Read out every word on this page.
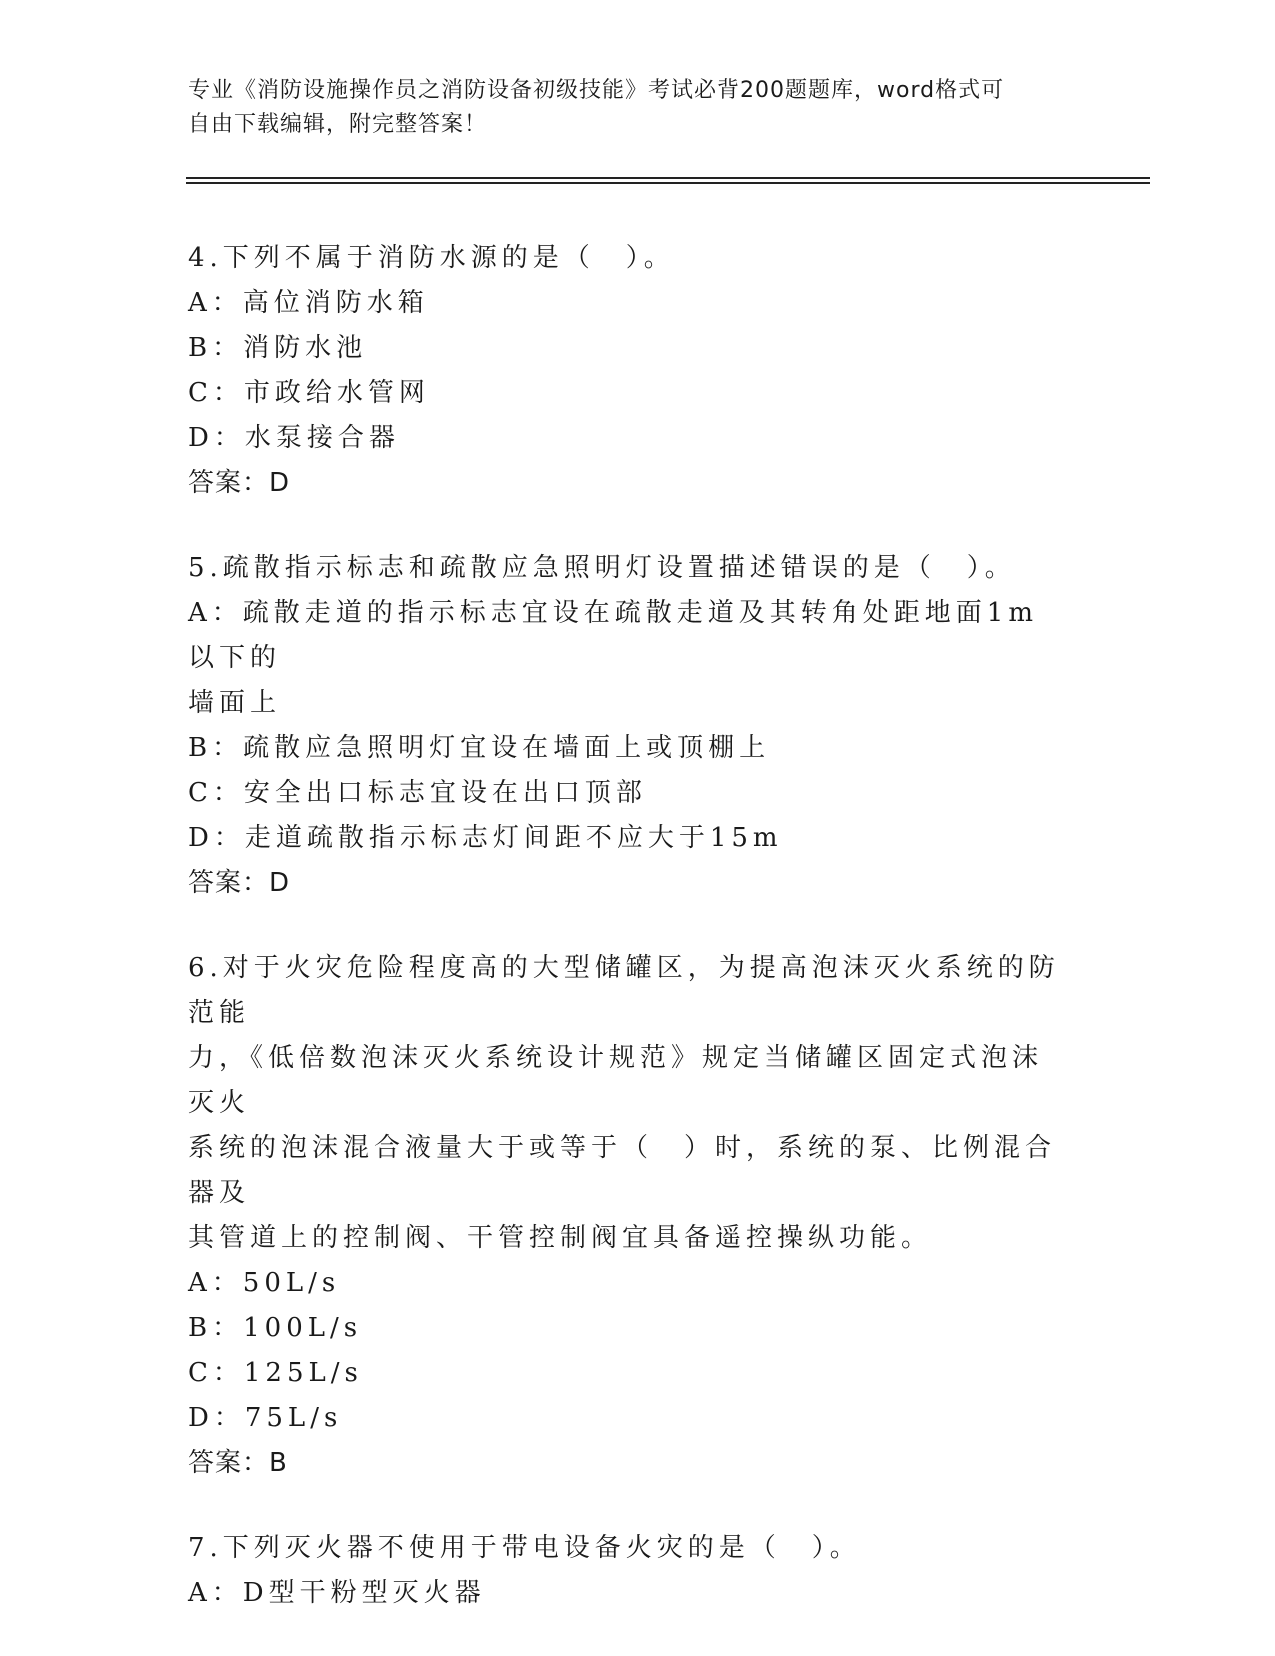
专业《消防设施操作员之消防设备初级技能》考试必背200题题库，word格式可
自由下载编辑，附完整答案！
4.下列不属于消防水源的是（　）。
A：高位消防水箱
B：消防水池
C：市政给水管网
D：水泵接合器
答案：D
5.疏散指示标志和疏散应急照明灯设置描述错误的是（　）。
A：疏散走道的指示标志宜设在疏散走道及其转角处距地面1m以下的
墙面上
B：疏散应急照明灯宜设在墙面上或顶棚上
C：安全出口标志宜设在出口顶部
D：走道疏散指示标志灯间距不应大于15m
答案：D
6.对于火灾危险程度高的大型储罐区，为提高泡沫灭火系统的防范能
力，《低倍数泡沫灭火系统设计规范》规定当储罐区固定式泡沫灭火
系统的泡沫混合液量大于或等于（　）时，系统的泵、比例混合器及
其管道上的控制阀、干管控制阀宜具备遥控操纵功能。
A：50L/s
B：100L/s
C：125L/s
D：75L/s
答案：B
7.下列灭火器不使用于带电设备火灾的是（　）。
A：D型干粉型灭火器
